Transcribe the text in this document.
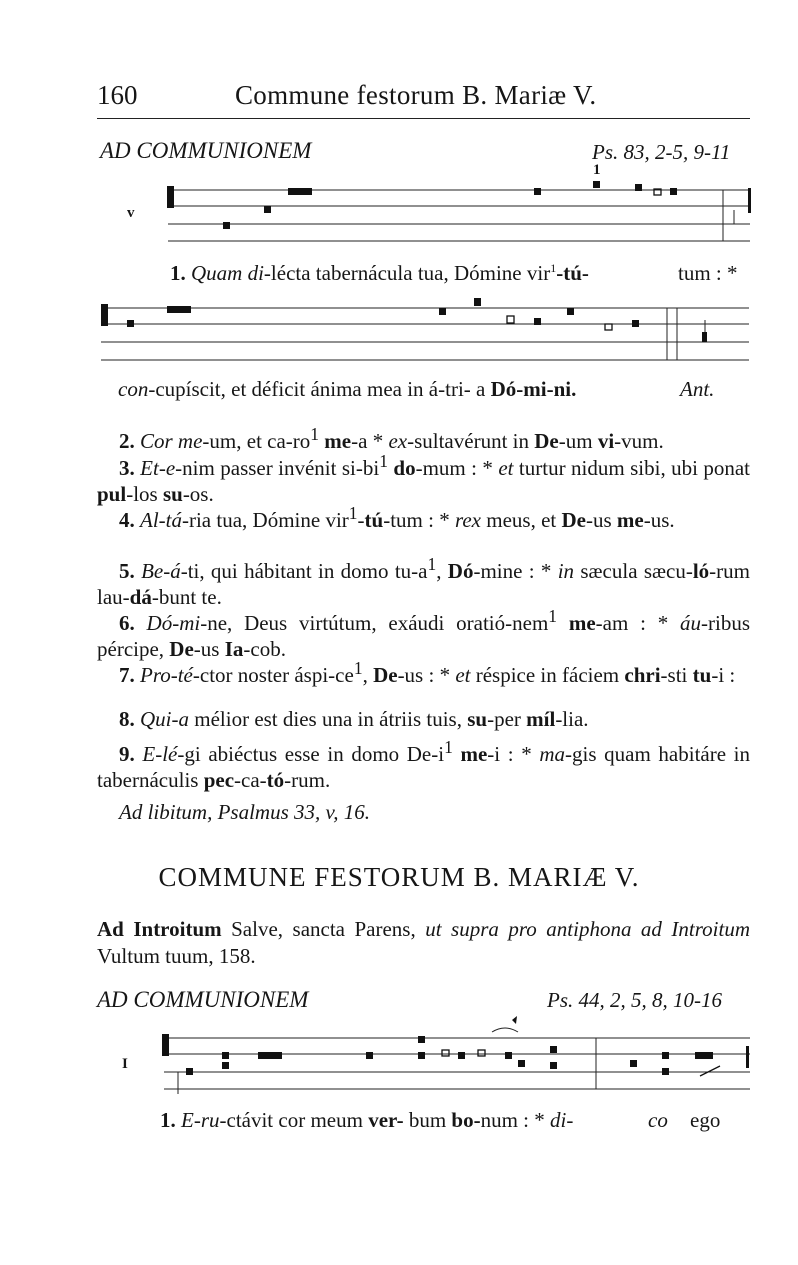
160	Commune festorum B. Mariæ V.
AD COMMUNIONEM	Ps. 83, 2-5, 9-11
v
1
1. Quam di-lécta tabernácula tua, Dómine vir$^1$-tú-	tum : *
con-cupíscit, et déficit ánima mea in á-tri- a Dó-mi-ni.	Ant.
2. Cor me-um, et $ca-ro^1$ me-a * ex-sultavérunt in De-um vi-vum.
3. Et-e-nim passer invénit $si-bi^1$ do-mum : * et turtur nidum sibi, ubi ponat pul-los su-os.
4. Al-tá-ria tua, Dómine vir$^1$-tú-tum : * rex meus, et De-us me-us.
5. Be-á-ti, qui hábitant in domo $tu-a^1$, Dó-mine : * in sæcula sæcu-ló-rum lau-dá-bunt te.
6. Dó-mi-ne, Deus virtútum, exáudi oratió-nem$^1$ me-am : * áu-ribus pércipe, De-us Ia-cob.
7. Pro-té-ctor noster áspi-$ce^1$, De-us : * et réspice in fáciem chri-sti tu-i :
8. Qui-a mélior est dies una in átriis tuis, su-per míl-lia.
9. E-lé-gi abiéctus esse in domo $De-i^1$ me-i : * ma-gis quam habitáre in tabernáculis pec-ca-tó-rum.
Ad libitum, Psalmus 33, v, 16.
COMMUNE FESTORUM B. MARIÆ V.
Ad Introitum Salve, sancta Parens, ut supra pro antiphona ad Introitum Vultum tuum, 158.
AD COMMUNIONEM	Ps. 44, 2, 5, 8, 10-16
I
1. E-ru-ctávit cor meum ver- bum bo-num : * di-	co ego
